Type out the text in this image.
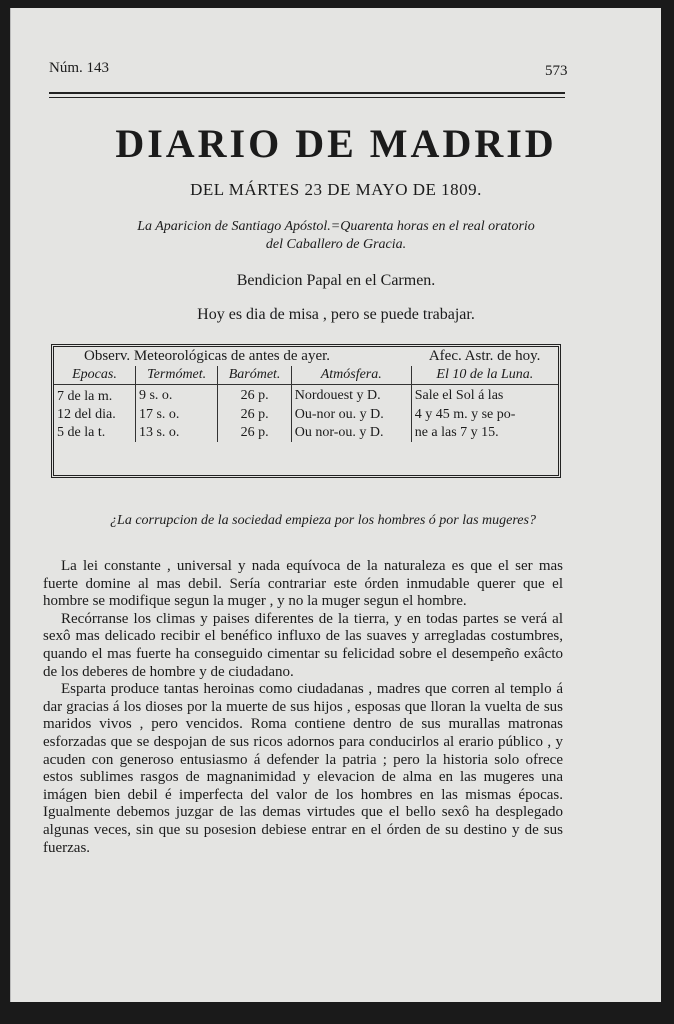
Núm. 143	573
DIARIO DE MADRID
DEL MÁRTES 23 DE MAYO DE 1809.
La Aparicion de Santiago Apóstol.=Quarenta horas en el real oratorio
del Caballero de Gracia.
Bendicion Papal en el Carmen.
Hoy es dia de misa , pero se puede trabajar.
Observ. Meteorológicas de antes de ayer.				Afec. Astr. de hoy.
Epocas.	Termómet.	Barómet.	Atmósfera.	El 10 de la Luna.
7 de la m.	9 s. o.	26 p.	Nordouest y D.	Sale el Sol á las
12 del dia.	17 s. o.	26 p.	Ou-nor ou. y D.	4 y 45 m. y se po-
5 de la t.	13 s. o.	26 p.	Ou nor-ou. y D.	ne a las 7 y 15.
¿La corrupcion de la sociedad empieza por los hombres ó por las mugeres?

La lei constante , universal y nada equívoca de la naturaleza es que el ser mas fuerte domine al mas debil. Sería contrariar este órden inmudable querer que el hombre se modifique segun la muger , y no la muger segun el hombre.

Recórranse los climas y paises diferentes de la tierra, y en todas partes se verá al sexô mas delicado recibir el benéfico influxo de las suaves y arregladas costumbres, quando el mas fuerte ha conseguido cimentar su felicidad sobre el desempeño exâcto de los deberes de hombre y de ciudadano.

Esparta produce tantas heroinas como ciudadanas , madres que corren al templo á dar gracias á los dioses por la muerte de sus hijos , esposas que lloran la vuelta de sus maridos vivos , pero vencidos. Roma contiene dentro de sus murallas matronas esforzadas que se despojan de sus ricos adornos para conducirlos al erario público , y acuden con generoso entusiasmo á defender la patria ; pero la historia solo ofrece estos sublimes rasgos de magnanimidad y elevacion de alma en las mugeres una imágen bien debil é imperfecta del valor de los hombres en las mismas épocas. Igualmente debemos juzgar de las demas virtudes que el bello sexô ha desplegado algunas veces, sin que su posesion debiese entrar en el órden de su destino y de sus fuerzas.
